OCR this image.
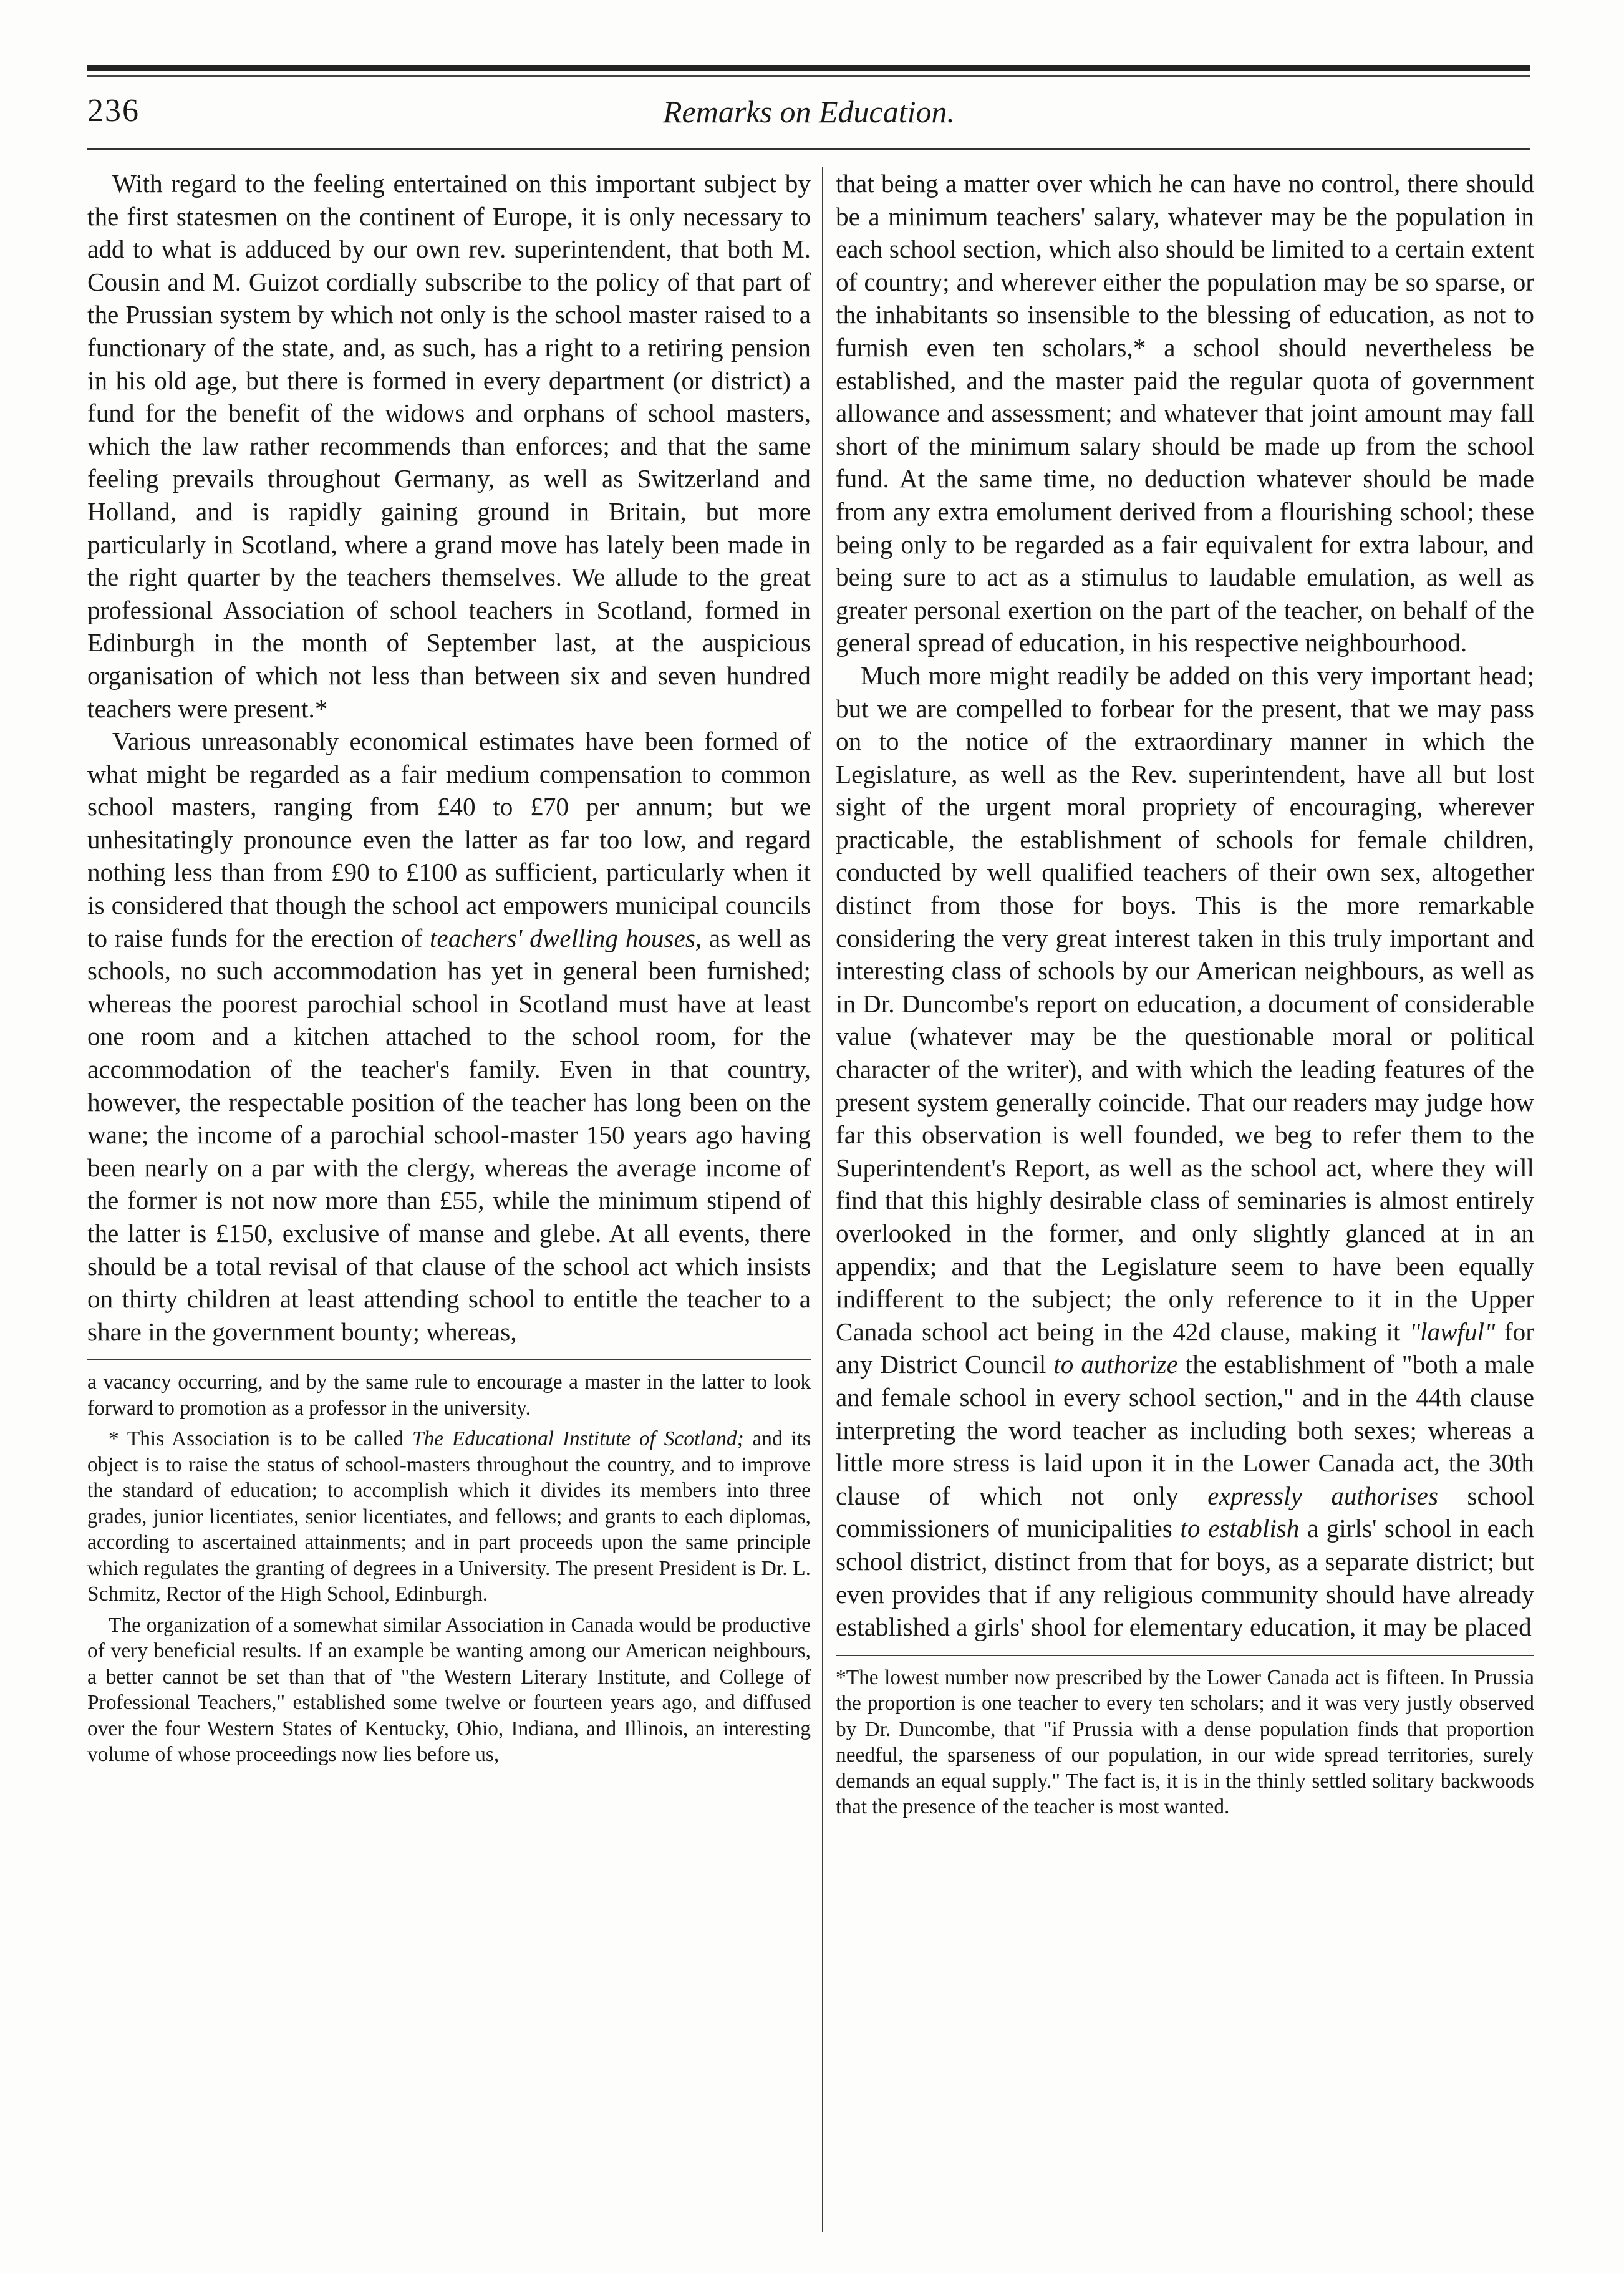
236	Remarks on Education.

With regard to the feeling entertained on this important subject by the first statesmen on the continent of Europe, it is only necessary to add to what is adduced by our own rev. superintendent, that both M. Cousin and M. Guizot cordially subscribe to the policy of that part of the Prussian system by which not only is the school master raised to a functionary of the state, and, as such, has a right to a retiring pension in his old age, but there is formed in every department (or district) a fund for the benefit of the widows and orphans of school masters, which the law rather recommends than enforces; and that the same feeling prevails throughout Germany, as well as Switzerland and Holland, and is rapidly gaining ground in Britain, but more particularly in Scotland, where a grand move has lately been made in the right quarter by the teachers themselves. We allude to the great professional Association of school teachers in Scotland, formed in Edinburgh in the month of September last, at the auspicious organisation of which not less than between six and seven hundred teachers were present.*

Various unreasonably economical estimates have been formed of what might be regarded as a fair medium compensation to common school masters, ranging from £40 to £70 per annum; but we unhesitatingly pronounce even the latter as far too low, and regard nothing less than from £90 to £100 as sufficient, particularly when it is considered that though the school act empowers municipal councils to raise funds for the erection of teachers' dwelling houses, as well as schools, no such accommodation has yet in general been furnished; whereas the poorest parochial school in Scotland must have at least one room and a kitchen attached to the school room, for the accommodation of the teacher's family. Even in that country, however, the respectable position of the teacher has long been on the wane; the income of a parochial school-master 150 years ago having been nearly on a par with the clergy, whereas the average income of the former is not now more than £55, while the minimum stipend of the latter is £150, exclusive of manse and glebe. At all events, there should be a total revisal of that clause of the school act which insists on thirty children at least attending school to entitle the teacher to a share in the government bounty; whereas,

a vacancy occurring, and by the same rule to encourage a master in the latter to look forward to promotion as a professor in the university.

* This Association is to be called The Educational Institute of Scotland; and its object is to raise the status of school-masters throughout the country, and to improve the standard of education; to accomplish which it divides its members into three grades, junior licentiates, senior licentiates, and fellows; and grants to each diplomas, according to ascertained attainments; and in part proceeds upon the same principle which regulates the granting of degrees in a University. The present President is Dr. L. Schmitz, Rector of the High School, Edinburgh.

The organization of a somewhat similar Association in Canada would be productive of very beneficial results. If an example be wanting among our American neighbours, a better cannot be set than that of "the Western Literary Institute, and College of Professional Teachers," established some twelve or fourteen years ago, and diffused over the four Western States of Kentucky, Ohio, Indiana, and Illinois, an interesting volume of whose proceedings now lies before us,

that being a matter over which he can have no control, there should be a minimum teachers' salary, whatever may be the population in each school section, which also should be limited to a certain extent of country; and wherever either the population may be so sparse, or the inhabitants so insensible to the blessing of education, as not to furnish even ten scholars,* a school should nevertheless be established, and the master paid the regular quota of government allowance and assessment; and whatever that joint amount may fall short of the minimum salary should be made up from the school fund. At the same time, no deduction whatever should be made from any extra emolument derived from a flourishing school; these being only to be regarded as a fair equivalent for extra labour, and being sure to act as a stimulus to laudable emulation, as well as greater personal exertion on the part of the teacher, on behalf of the general spread of education, in his respective neighbourhood.

Much more might readily be added on this very important head; but we are compelled to forbear for the present, that we may pass on to the notice of the extraordinary manner in which the Legislature, as well as the Rev. superintendent, have all but lost sight of the urgent moral propriety of encouraging, wherever practicable, the establishment of schools for female children, conducted by well qualified teachers of their own sex, altogether distinct from those for boys. This is the more remarkable considering the very great interest taken in this truly important and interesting class of schools by our American neighbours, as well as in Dr. Duncombe's report on education, a document of considerable value (whatever may be the questionable moral or political character of the writer), and with which the leading features of the present system generally coincide. That our readers may judge how far this observation is well founded, we beg to refer them to the Superintendent's Report, as well as the school act, where they will find that this highly desirable class of seminaries is almost entirely overlooked in the former, and only slightly glanced at in an appendix; and that the Legislature seem to have been equally indifferent to the subject; the only reference to it in the Upper Canada school act being in the 42d clause, making it "lawful" for any District Council to authorize the establishment of "both a male and female school in every school section," and in the 44th clause interpreting the word teacher as including both sexes; whereas a little more stress is laid upon it in the Lower Canada act, the 30th clause of which not only expressly authorises school commissioners of municipalities to establish a girls' school in each school district, distinct from that for boys, as a separate district; but even provides that if any religious community should have already established a girls' shool for elementary education, it may be placed

*The lowest number now prescribed by the Lower Canada act is fifteen. In Prussia the proportion is one teacher to every ten scholars; and it was very justly observed by Dr. Duncombe, that "if Prussia with a dense population finds that proportion needful, the sparseness of our population, in our wide spread territories, surely demands an equal supply." The fact is, it is in the thinly settled solitary backwoods that the presence of the teacher is most wanted.
